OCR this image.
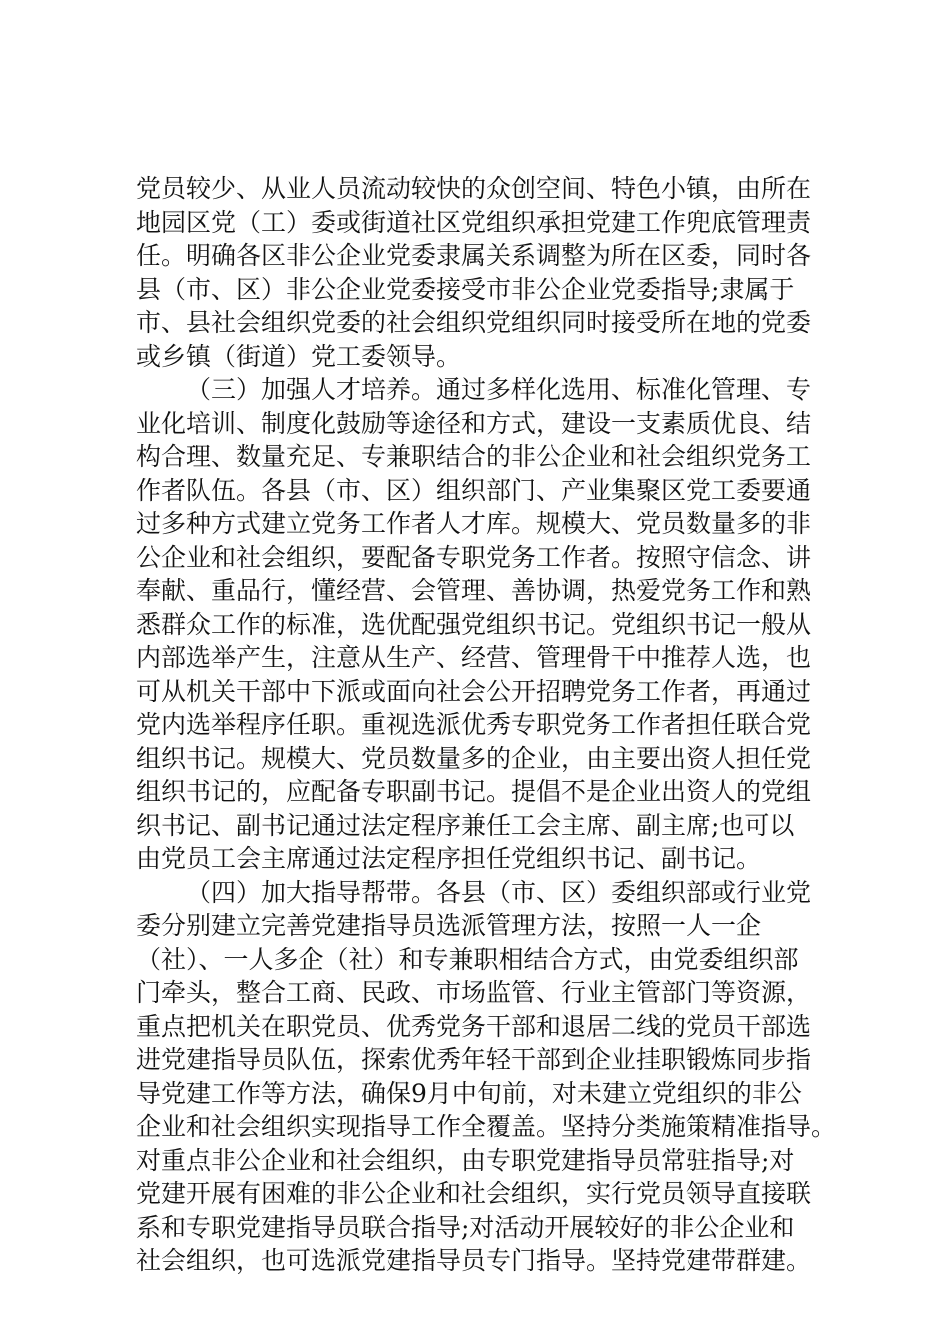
党员较少、从业人员流动较快的众创空间、特色小镇，由所在
地园区党（工）委或街道社区党组织承担党建工作兜底管理责
任。明确各区非公企业党委隶属关系调整为所在区委，同时各
县（市、区）非公企业党委接受市非公企业党委指导;隶属于
市、县社会组织党委的社会组织党组织同时接受所在地的党委
或乡镇（街道）党工委领导。
（三）加强人才培养。通过多样化选用、标准化管理、专
业化培训、制度化鼓励等途径和方式，建设一支素质优良、结
构合理、数量充足、专兼职结合的非公企业和社会组织党务工
作者队伍。各县（市、区）组织部门、产业集聚区党工委要通
过多种方式建立党务工作者人才库。规模大、党员数量多的非
公企业和社会组织，要配备专职党务工作者。按照守信念、讲
奉献、重品行，懂经营、会管理、善协调，热爱党务工作和熟
悉群众工作的标准，选优配强党组织书记。党组织书记一般从
内部选举产生，注意从生产、经营、管理骨干中推荐人选，也
可从机关干部中下派或面向社会公开招聘党务工作者，再通过
党内选举程序任职。重视选派优秀专职党务工作者担任联合党
组织书记。规模大、党员数量多的企业，由主要出资人担任党
组织书记的，应配备专职副书记。提倡不是企业出资人的党组
织书记、副书记通过法定程序兼任工会主席、副主席;也可以
由党员工会主席通过法定程序担任党组织书记、副书记。
（四）加大指导帮带。各县（市、区）委组织部或行业党
委分别建立完善党建指导员选派管理方法，按照一人一企
（社）、一人多企（社）和专兼职相结合方式，由党委组织部
门牵头，整合工商、民政、市场监管、行业主管部门等资源，
重点把机关在职党员、优秀党务干部和退居二线的党员干部选
进党建指导员队伍，探索优秀年轻干部到企业挂职锻炼同步指
导党建工作等方法，确保9月中旬前，对未建立党组织的非公
企业和社会组织实现指导工作全覆盖。坚持分类施策精准指导。
对重点非公企业和社会组织，由专职党建指导员常驻指导;对
党建开展有困难的非公企业和社会组织，实行党员领导直接联
系和专职党建指导员联合指导;对活动开展较好的非公企业和
社会组织，也可选派党建指导员专门指导。坚持党建带群建。
